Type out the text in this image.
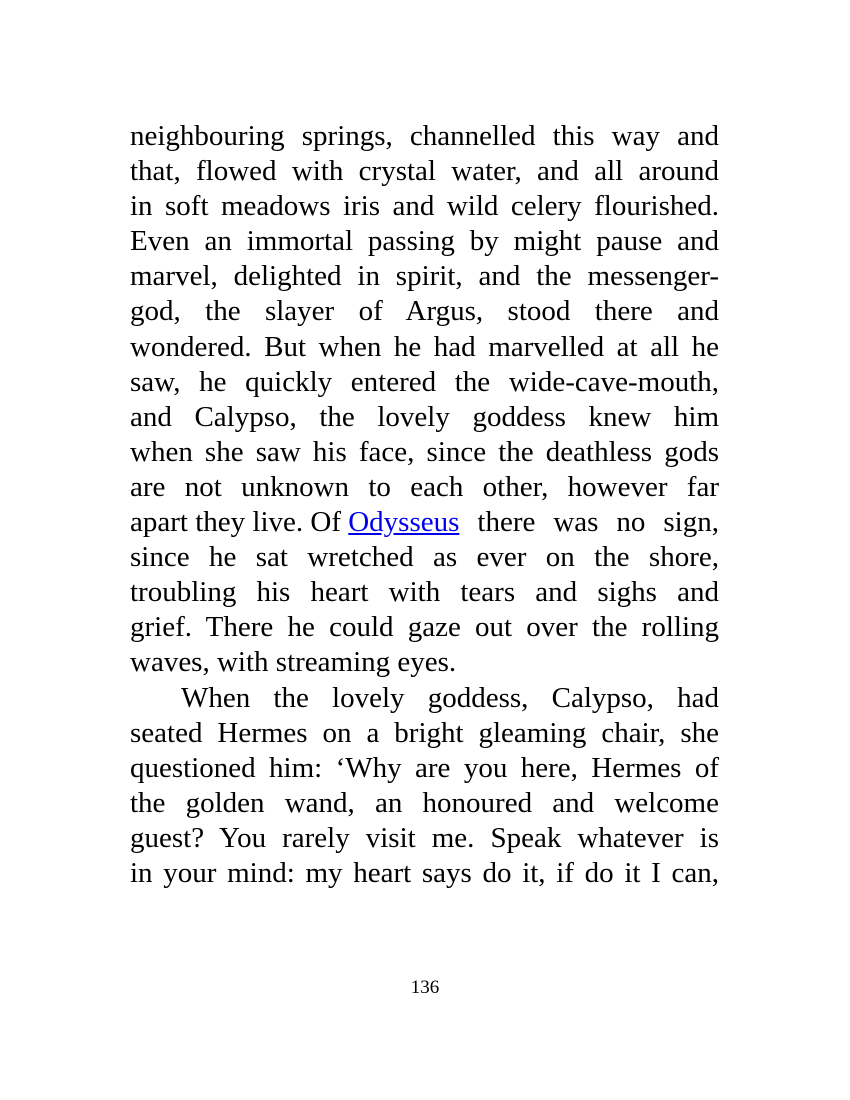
neighbouring springs, channelled this way and
that, flowed with crystal water, and all around
in soft meadows iris and wild celery flourished.
Even an immortal passing by might pause and
marvel, delighted in spirit, and the messenger-
god, the slayer of Argus, stood there and
wondered. But when he had marvelled at all he
saw, he quickly entered the wide-cave-mouth,
and Calypso, the lovely goddess knew him
when she saw his face, since the deathless gods
are not unknown to each other, however far
apart they live. Of Odysseus there was no sign,
since he sat wretched as ever on the shore,
troubling his heart with tears and sighs and
grief. There he could gaze out over the rolling
waves, with streaming eyes.
When the lovely goddess, Calypso, had
seated Hermes on a bright gleaming chair, she
questioned him: ‘Why are you here, Hermes of
the golden wand, an honoured and welcome
guest? You rarely visit me. Speak whatever is
in your mind: my heart says do it, if do it I can,
136
